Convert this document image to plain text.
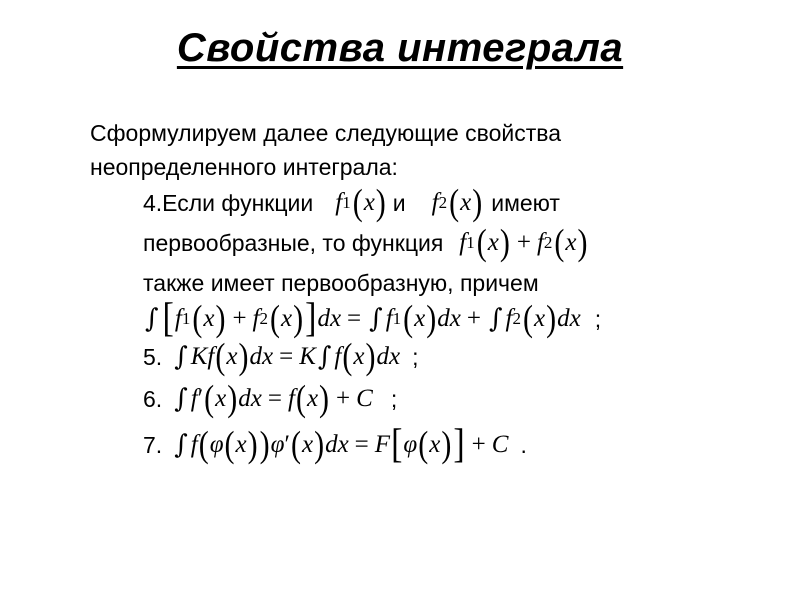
Свойства интеграла
Сформулируем далее следующие свойства
неопределенного интеграла:
4.Если функции f 1 ( x ) и f 2 ( x ) имеют
первообразные, то функция f 1 ( x ) + f 2 ( x )
также имеет первообразную, причем
∫ [ f 1 ( x ) + f 2 ( x ) ] dx = ∫ f 1 ( x ) dx + ∫ f 2 ( x ) dx ;
5. ∫ Kf ( x ) dx = K ∫ f ( x ) dx ;
6. ∫ f ′ ( x ) dx = f ( x ) + C ;
7. ∫ f ( φ ( x ) ) φ ′ ( x ) dx = F [ φ ( x ) ] + C .
